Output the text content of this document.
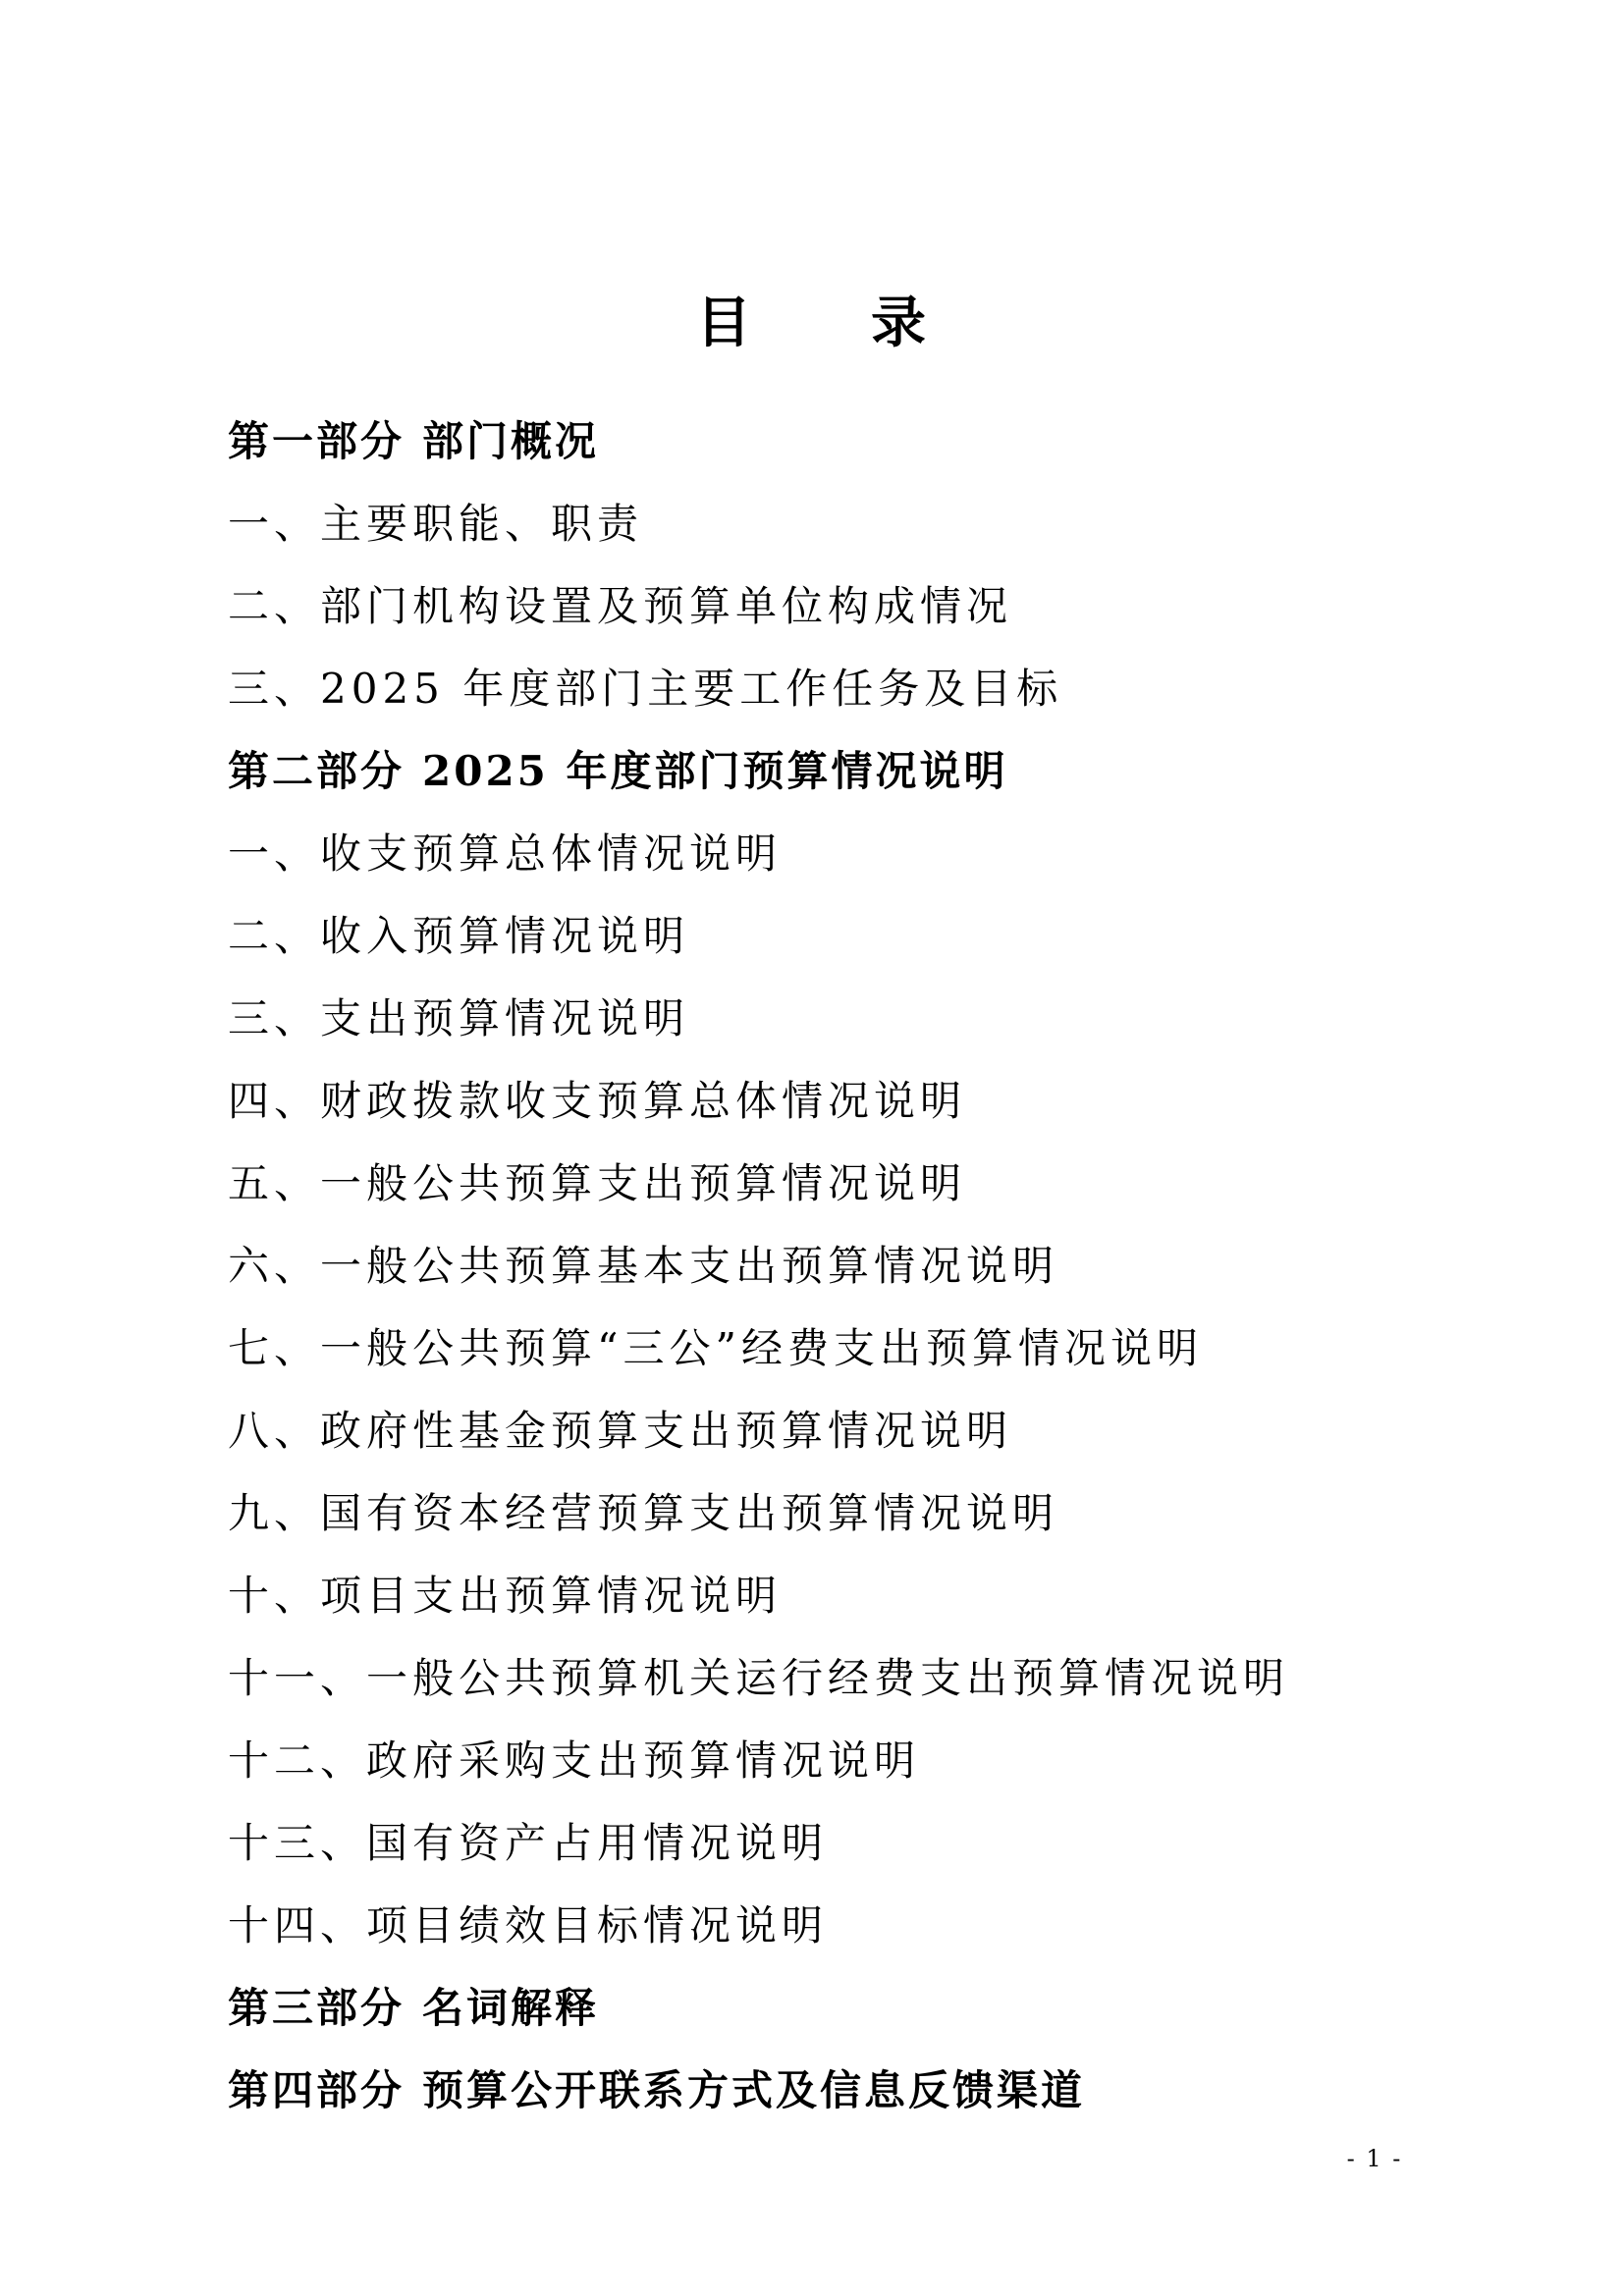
目 录
第一部分 部门概况
一、主要职能、职责
二、部门机构设置及预算单位构成情况
三、2025 年度部门主要工作任务及目标
第二部分 2025 年度部门预算情况说明
一、收支预算总体情况说明
二、收入预算情况说明
三、支出预算情况说明
四、财政拨款收支预算总体情况说明
五、一般公共预算支出预算情况说明
六、一般公共预算基本支出预算情况说明
七、一般公共预算“三公”经费支出预算情况说明
八、政府性基金预算支出预算情况说明
九、国有资本经营预算支出预算情况说明
十、项目支出预算情况说明
十一、一般公共预算机关运行经费支出预算情况说明
十二、政府采购支出预算情况说明
十三、国有资产占用情况说明
十四、项目绩效目标情况说明
第三部分 名词解释
第四部分 预算公开联系方式及信息反馈渠道
- 1 -
